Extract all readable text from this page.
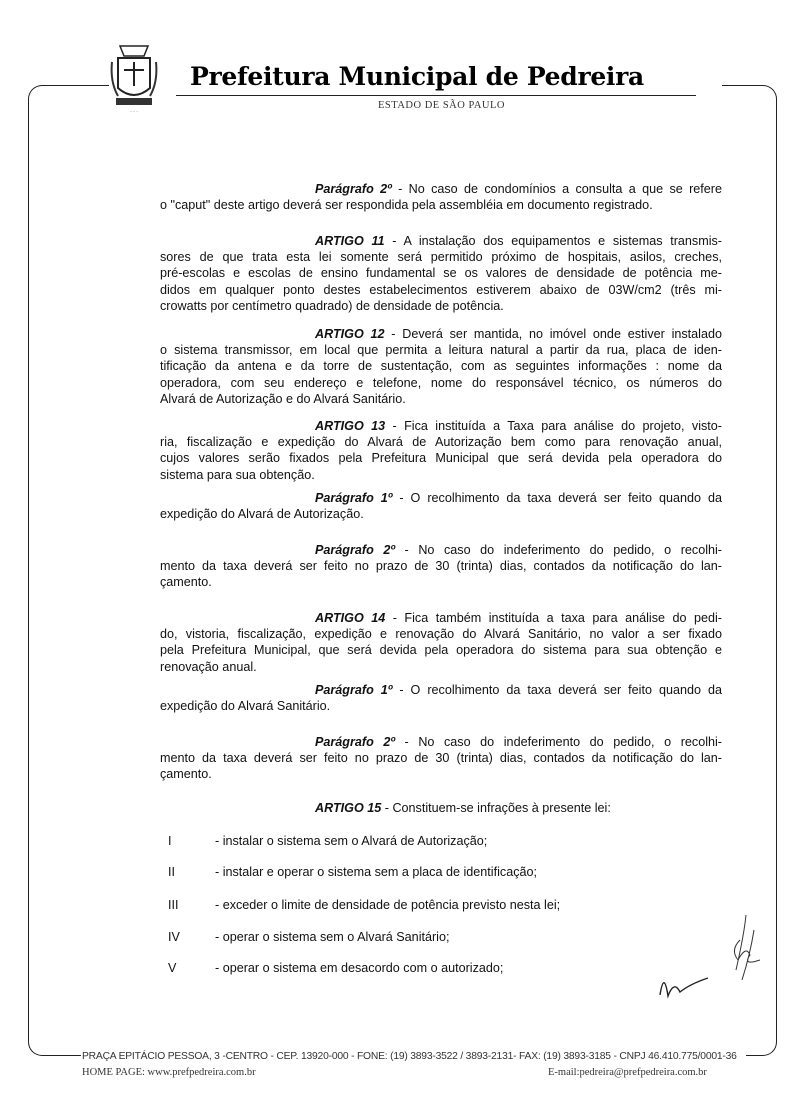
· · ·
Prefeitura Municipal de Pedreira
ESTADO DE SÃO PAULO
Parágrafo 2º - No caso de condomínios a consulta a que se refere
o "caput" deste artigo deverá ser respondida pela assembléia em documento registrado.
ARTIGO 11 - A instalação dos equipamentos e sistemas transmis-
sores de que trata esta lei somente será permitido próximo de hospitais, asilos, creches,
pré-escolas e escolas de ensino fundamental se os valores de densidade de potência me-
didos em qualquer ponto destes estabelecimentos estiverem abaixo de 03W/cm2 (três mi-
crowatts por centímetro quadrado) de densidade de potência.
ARTIGO 12 - Deverá ser mantida, no imóvel onde estiver instalado
o sistema transmissor, em local que permita a leitura natural a partir da rua, placa de iden-
tificação da antena e da torre de sustentação, com as seguintes informações : nome da
operadora, com seu endereço e telefone, nome do responsável técnico, os números do
Alvará de Autorização e do Alvará Sanitário.
ARTIGO 13 - Fica instituída a Taxa para análise do projeto, visto-
ria, fiscalização e expedição do Alvará de Autorização bem como para renovação anual,
cujos valores serão fixados pela Prefeitura Municipal que será devida pela operadora do
sistema para sua obtenção.
Parágrafo 1º - O recolhimento da taxa deverá ser feito quando da
expedição do Alvará de Autorização.
Parágrafo 2º - No caso do indeferimento do pedido, o recolhi-
mento da taxa deverá ser feito no prazo de 30 (trinta) dias, contados da notificação do lan-
çamento.
ARTIGO 14 - Fica também instituída a taxa para análise do pedi-
do, vistoria, fiscalização, expedição e renovação do Alvará Sanitário, no valor a ser fixado
pela Prefeitura Municipal, que será devida pela operadora do sistema para sua obtenção e
renovação anual.
Parágrafo 1º - O recolhimento da taxa deverá ser feito quando da
expedição do Alvará Sanitário.
Parágrafo 2º - No caso do indeferimento do pedido, o recolhi-
mento da taxa deverá ser feito no prazo de 30 (trinta) dias, contados da notificação do lan-
çamento.
ARTIGO 15 - Constituem-se infrações à presente lei:
I	- instalar o sistema sem o Alvará de Autorização;
II	- instalar e operar o sistema sem a placa de identificação;
III	- exceder o limite de densidade de potência previsto nesta lei;
IV	- operar o sistema sem o Alvará Sanitário;
V	- operar o sistema em desacordo com o autorizado;
PRAÇA EPITÁCIO PESSOA, 3 -CENTRO - CEP. 13920-000 - FONE: (19) 3893-3522 / 3893-2131- FAX: (19) 3893-3185 - CNPJ 46.410.775/0001-36
HOME PAGE: www.prefpedreira.com.br	E-mail:pedreira@prefpedreira.com.br
